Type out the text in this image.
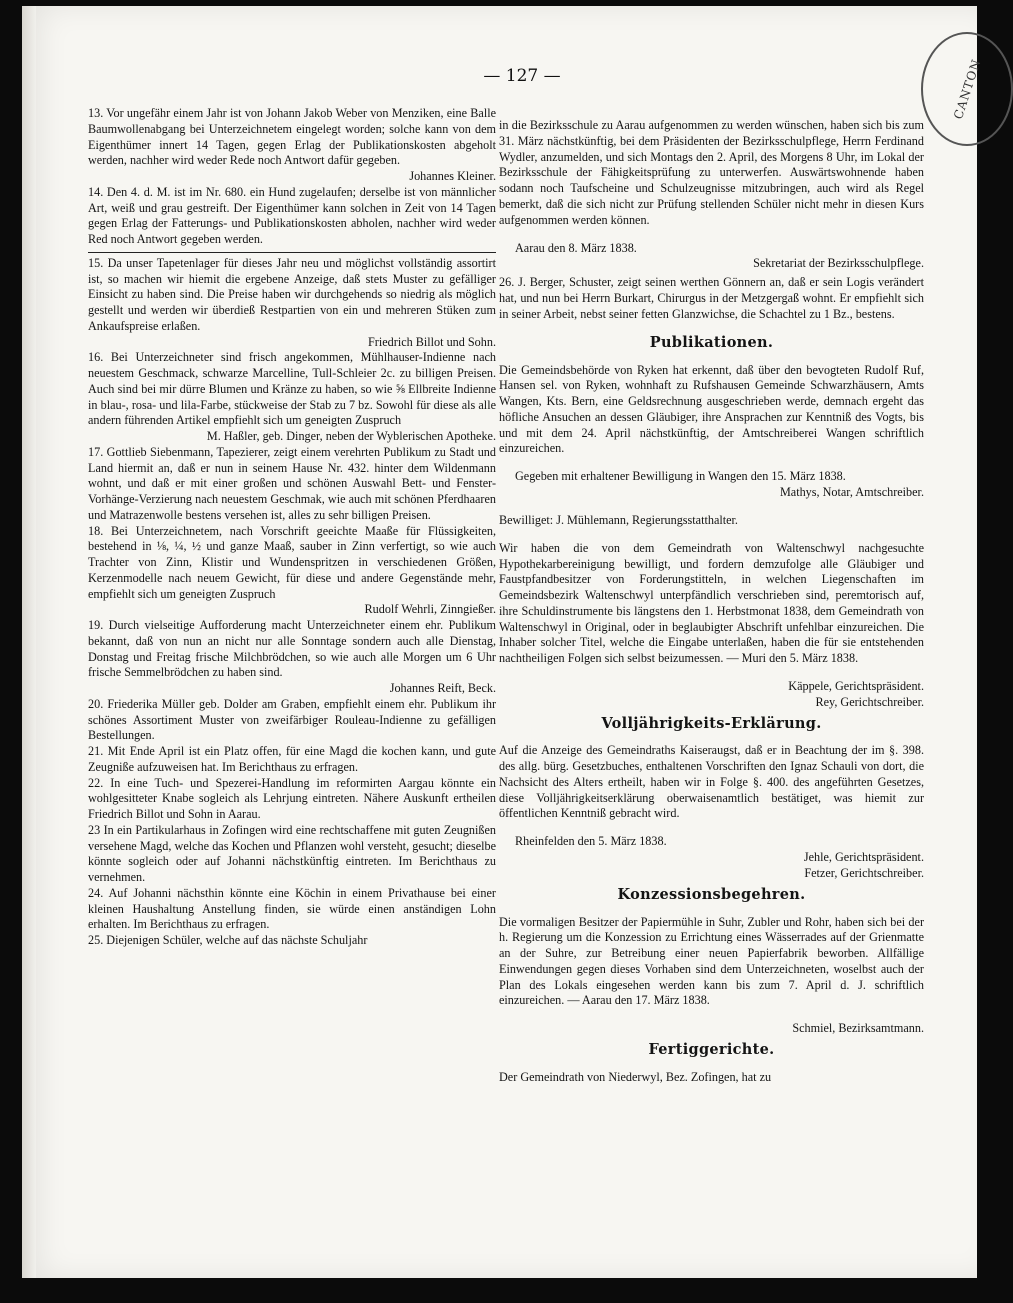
CANTON
— 127 —

13. Vor ungefähr einem Jahr ist von Johann Jakob Weber von Menziken, eine Balle Baumwollenabgang bei Unterzeichnetem eingelegt worden; solche kann von dem Eigenthümer innert 14 Tagen, gegen Erlag der Publikationskosten abgeholt werden, nachher wird weder Rede noch Antwort dafür gegeben.

Johannes Kleiner.

14. Den 4. d. M. ist im Nr. 680. ein Hund zugelaufen; derselbe ist von männlicher Art, weiß und grau gestreift. Der Eigenthümer kann solchen in Zeit von 14 Tagen gegen Erlag der Fatterungs- und Publikationskosten abholen, nachher wird weder Red noch Antwort gegeben werden.

15. Da unser Tapetenlager für dieses Jahr neu und möglichst vollständig assortirt ist, so machen wir hiemit die ergebene Anzeige, daß stets Muster zu gefälliger Einsicht zu haben sind. Die Preise haben wir durchgehends so niedrig als möglich gestellt und werden wir überdieß Restpartien von ein und mehreren Stüken zum Ankaufspreise erlaßen.

Friedrich Billot und Sohn.

16. Bei Unterzeichneter sind frisch angekommen, Mühlhauser-Indienne nach neuestem Geschmack, schwarze Marcelline, Tull-Schleier 2c. zu billigen Preisen. Auch sind bei mir dürre Blumen und Kränze zu haben, so wie ⅝ Ellbreite Indienne in blau-, rosa- und lila-Farbe, stückweise der Stab zu 7 bz. Sowohl für diese als alle andern führenden Artikel empfiehlt sich um geneigten Zuspruch

M. Haßler, geb. Dinger, neben der Wyblerischen Apotheke.

17. Gottlieb Siebenmann, Tapezierer, zeigt einem verehrten Publikum zu Stadt und Land hiermit an, daß er nun in seinem Hause Nr. 432. hinter dem Wildenmann wohnt, und daß er mit einer großen und schönen Auswahl Bett- und Fenster-Vorhänge-Verzierung nach neuestem Geschmak, wie auch mit schönen Pferdhaaren und Matrazenwolle bestens versehen ist, alles zu sehr billigen Preisen.

18. Bei Unterzeichnetem, nach Vorschrift geeichte Maaße für Flüssigkeiten, bestehend in ⅛, ¼, ½ und ganze Maaß, sauber in Zinn verfertigt, so wie auch Trachter von Zinn, Klistir und Wundenspritzen in verschiedenen Größen, Kerzenmodelle nach neuem Gewicht, für diese und andere Gegenstände mehr, empfiehlt sich um geneigten Zuspruch

Rudolf Wehrli, Zinngießer.

19. Durch vielseitige Aufforderung macht Unterzeichneter einem ehr. Publikum bekannt, daß von nun an nicht nur alle Sonntage sondern auch alle Dienstag, Donstag und Freitag frische Milchbrödchen, so wie auch alle Morgen um 6 Uhr frische Semmelbrödchen zu haben sind.

Johannes Reift, Beck.

20. Friederika Müller geb. Dolder am Graben, empfiehlt einem ehr. Publikum ihr schönes Assortiment Muster von zweifärbiger Rouleau-Indienne zu gefälligen Bestellungen.

21. Mit Ende April ist ein Platz offen, für eine Magd die kochen kann, und gute Zeugniße aufzuweisen hat. Im Berichthaus zu erfragen.

22. In eine Tuch- und Spezerei-Handlung im reformirten Aargau könnte ein wohlgesitteter Knabe sogleich als Lehrjung eintreten. Nähere Auskunft ertheilen Friedrich Billot und Sohn in Aarau.

23 In ein Partikularhaus in Zofingen wird eine rechtschaffene mit guten Zeugnißen versehene Magd, welche das Kochen und Pflanzen wohl versteht, gesucht; dieselbe könnte sogleich oder auf Johanni nächstkünftig eintreten. Im Berichthaus zu vernehmen.

24. Auf Johanni nächsthin könnte eine Köchin in einem Privathause bei einer kleinen Haushaltung Anstellung finden, sie würde einen anständigen Lohn erhalten. Im Berichthaus zu erfragen.

25. Diejenigen Schüler, welche auf das nächste Schuljahr

in die Bezirksschule zu Aarau aufgenommen zu werden wünschen, haben sich bis zum 31. März nächstkünftig, bei dem Präsidenten der Bezirksschulpflege, Herrn Ferdinand Wydler, anzumelden, und sich Montags den 2. April, des Morgens 8 Uhr, im Lokal der Bezirksschule der Fähigkeitsprüfung zu unterwerfen. Auswärtswohnende haben sodann noch Taufscheine und Schulzeugnisse mitzubringen, auch wird als Regel bemerkt, daß die sich nicht zur Prüfung stellenden Schüler nicht mehr in diesen Kurs aufgenommen werden können.

Aarau den 8. März 1838.

Sekretariat der Bezirksschulpflege.

26. J. Berger, Schuster, zeigt seinen werthen Gönnern an, daß er sein Logis verändert hat, und nun bei Herrn Burkart, Chirurgus in der Metzgergaß wohnt. Er empfiehlt sich in seiner Arbeit, nebst seiner fetten Glanzwichse, die Schachtel zu 1 Bz., bestens.

Publikationen.

Die Gemeindsbehörde von Ryken hat erkennt, daß über den bevogteten Rudolf Ruf, Hansen sel. von Ryken, wohnhaft zu Rufshausen Gemeinde Schwarzhäusern, Amts Wangen, Kts. Bern, eine Geldsrechnung ausgeschrieben werde, demnach ergeht das höfliche Ansuchen an dessen Gläubiger, ihre Ansprachen zur Kenntniß des Vogts, bis und mit dem 24. April nächstkünftig, der Amtschreiberei Wangen schriftlich einzureichen.

Gegeben mit erhaltener Bewilligung in Wangen den 15. März 1838.

Mathys, Notar, Amtschreiber.

Bewilliget: J. Mühlemann, Regierungsstatthalter.

Wir haben die von dem Gemeindrath von Waltenschwyl nachgesuchte Hypothekarbereinigung bewilligt, und fordern demzufolge alle Gläubiger und Faustpfandbesitzer von Forderungstitteln, in welchen Liegenschaften im Gemeindsbezirk Waltenschwyl unterpfändlich verschrieben sind, peremtorisch auf, ihre Schuldinstrumente bis längstens den 1. Herbstmonat 1838, dem Gemeindrath von Waltenschwyl in Original, oder in beglaubigter Abschrift unfehlbar einzureichen. Die Inhaber solcher Titel, welche die Eingabe unterlaßen, haben die für sie entstehenden nachtheiligen Folgen sich selbst beizumessen. — Muri den 5. März 1838.

Käppele, Gerichtspräsident.

Rey, Gerichtschreiber.

Volljährigkeits-Erklärung.

Auf die Anzeige des Gemeindraths Kaiseraugst, daß er in Beachtung der im §. 398. des allg. bürg. Gesetzbuches, enthaltenen Vorschriften den Ignaz Schauli von dort, die Nachsicht des Alters ertheilt, haben wir in Folge §. 400. des angeführten Gesetzes, diese Volljährigkeitserklärung oberwaisenamtlich bestätiget, was hiemit zur öffentlichen Kenntniß gebracht wird.

Rheinfelden den 5. März 1838.

Jehle, Gerichtspräsident.

Fetzer, Gerichtschreiber.

Konzessionsbegehren.

Die vormaligen Besitzer der Papiermühle in Suhr, Zubler und Rohr, haben sich bei der h. Regierung um die Konzession zu Errichtung eines Wässerrades auf der Grienmatte an der Suhre, zur Betreibung einer neuen Papierfabrik beworben. Allfällige Einwendungen gegen dieses Vorhaben sind dem Unterzeichneten, woselbst auch der Plan des Lokals eingesehen werden kann bis zum 7. April d. J. schriftlich einzureichen. — Aarau den 17. März 1838.

Schmiel, Bezirksamtmann.

Fertiggerichte.

Der Gemeindrath von Niederwyl, Bez. Zofingen, hat zu
